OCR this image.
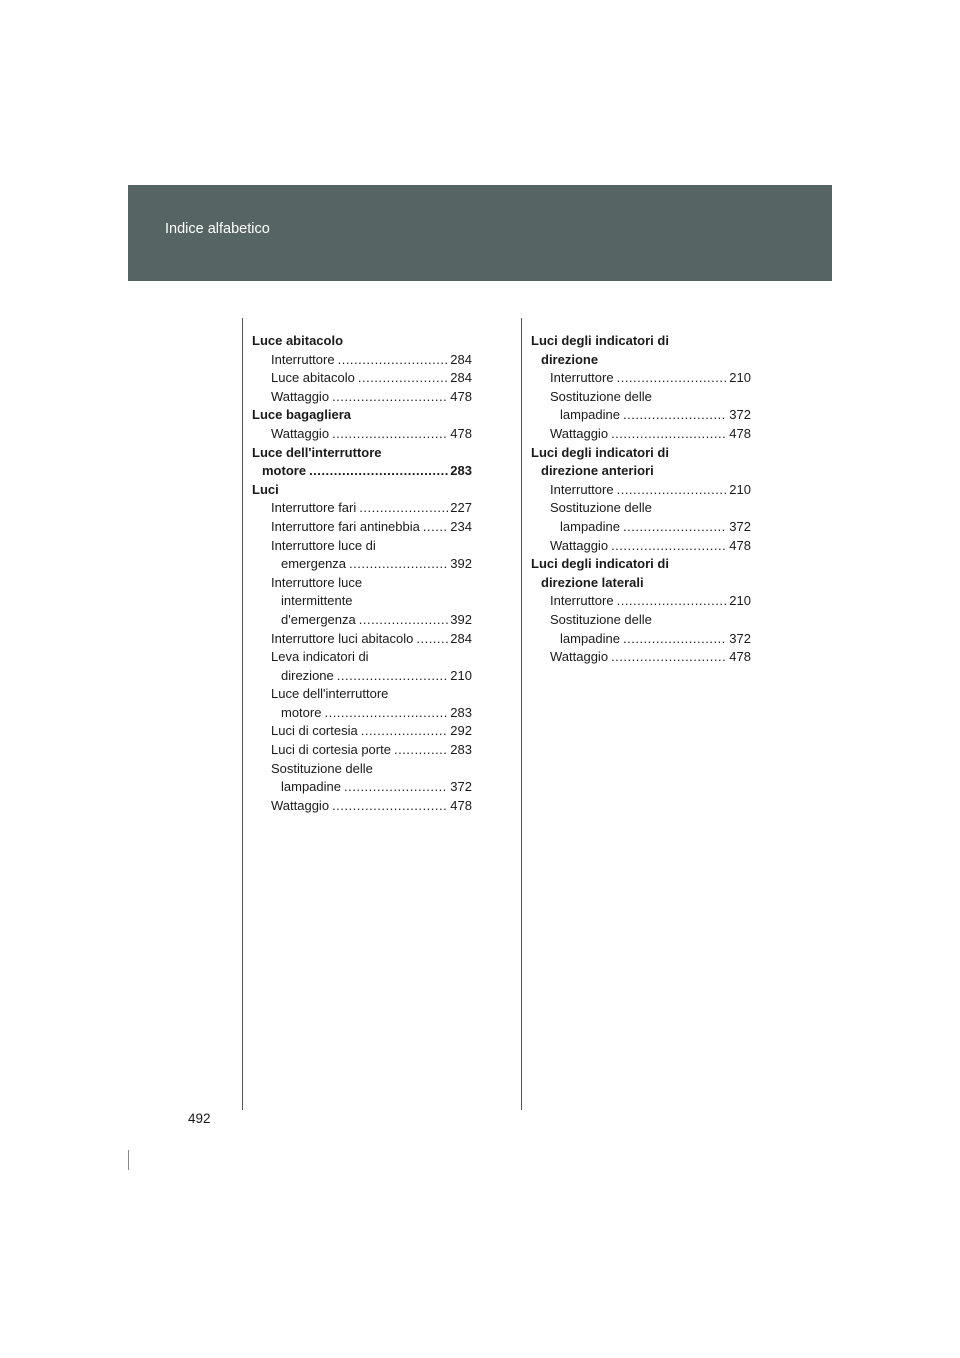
Indice alfabetico
Luce abitacolo
Interruttore .....	284
Luce abitacolo .....	284
Wattaggio .....	478
Luce bagagliera
Wattaggio .....	478
Luce dell'interruttore
motore .....	283
Luci
Interruttore fari .....	227
Interruttore fari antinebbia ..... 234
Interruttore luce di
emergenza .....	392
Interruttore luce
intermittente
d'emergenza .....	392
Interruttore luci abitacolo .....	284
Leva indicatori di
direzione .....	210
Luce dell'interruttore
motore .....	283
Luci di cortesia .....	292
Luci di cortesia porte .....	283
Sostituzione delle
lampadine .....	372
Wattaggio .....	478
Luci degli indicatori di
direzione
Interruttore .....	210
Sostituzione delle
lampadine .....	372
Wattaggio .....	478
Luci degli indicatori di
direzione anteriori
Interruttore .....	210
Sostituzione delle
lampadine .....	372
Wattaggio .....	478
Luci degli indicatori di
direzione laterali
Interruttore .....	210
Sostituzione delle
lampadine .....	372
Wattaggio .....	478
492
